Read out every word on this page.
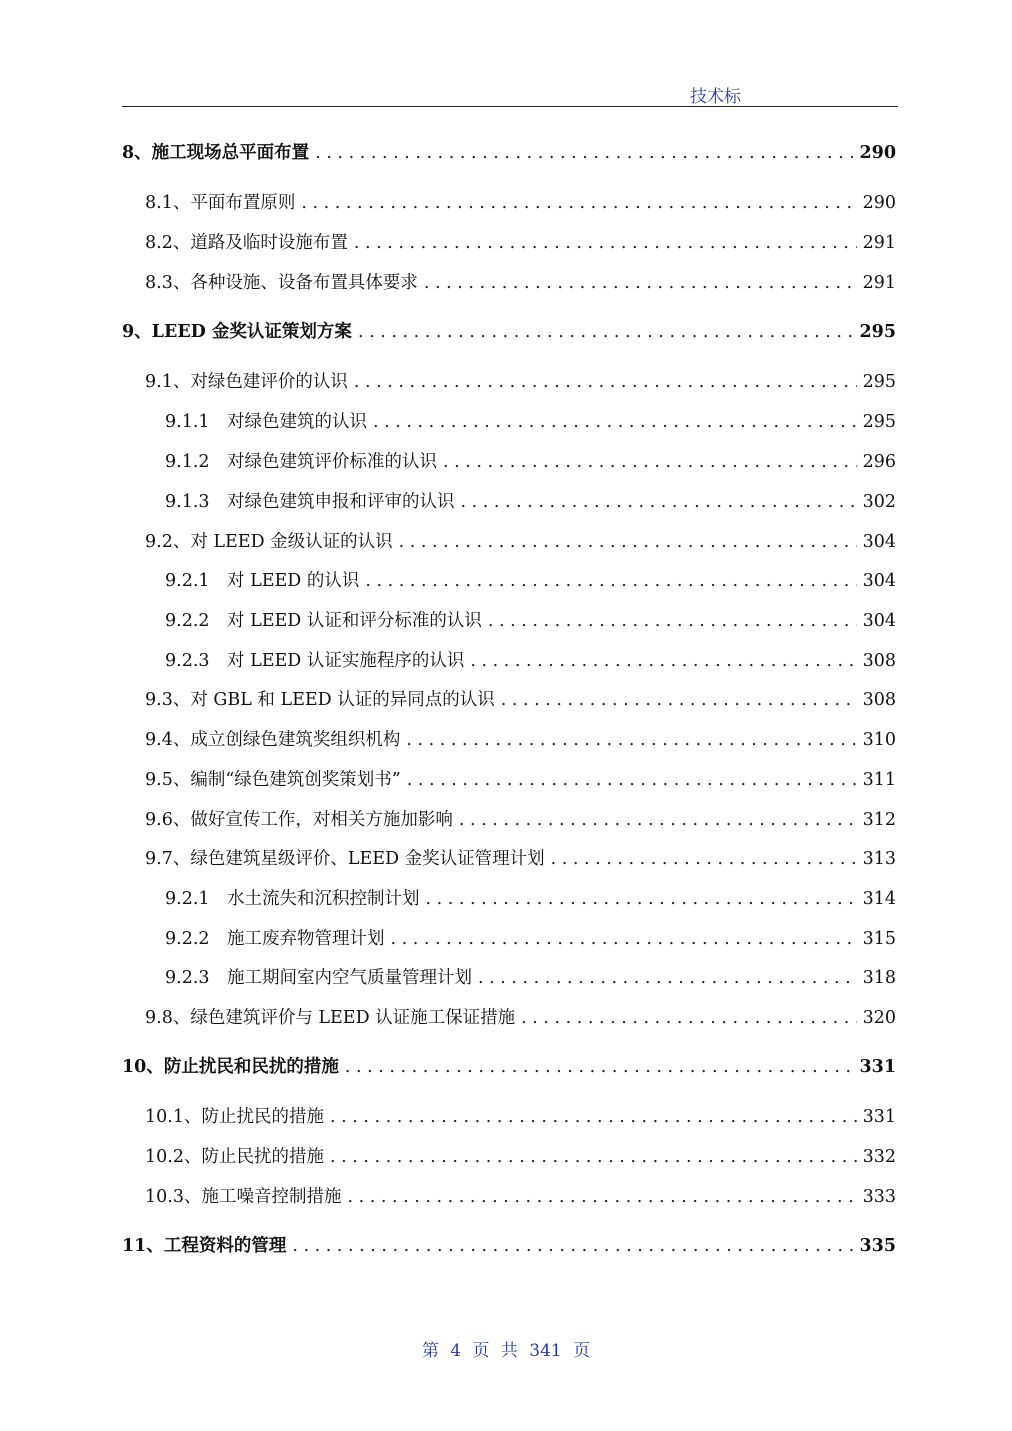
技术标
8、施工现场总平面布置 . . .	290
8.1、平面布置原则 . . .	290
8.2、道路及临时设施布置 . . .	291
8.3、各种设施、设备布置具体要求 . . .	291
9、LEED 金奖认证策划方案 . . .	295
9.1、对绿色建评价的认识 . . .	295
9.1.1　对绿色建筑的认识 . . .	295
9.1.2　对绿色建筑评价标准的认识 . . .	296
9.1.3　对绿色建筑申报和评审的认识 . . .	302
9.2、对 LEED 金级认证的认识 . . .	304
9.2.1　对 LEED 的认识 . . .	304
9.2.2　对 LEED 认证和评分标准的认识 . . .	304
9.2.3　对 LEED 认证实施程序的认识 . . .	308
9.3、对 GBL 和 LEED 认证的异同点的认识 . . .	308
9.4、成立创绿色建筑奖组织机构 . . .	310
9.5、编制“绿色建筑创奖策划书” . . .	311
9.6、做好宣传工作，对相关方施加影响 . . .	312
9.7、绿色建筑星级评价、LEED 金奖认证管理计划 . . .	313
9.2.1　水土流失和沉积控制计划 . . .	314
9.2.2　施工废弃物管理计划 . . .	315
9.2.3　施工期间室内空气质量管理计划 . . .	318
9.8、绿色建筑评价与 LEED 认证施工保证措施 . . .	320
10、防止扰民和民扰的措施 . . .	331
10.1、防止扰民的措施 . . .	331
10.2、防止民扰的措施 . . .	332
10.3、施工噪音控制措施 . . .	333
11、工程资料的管理 . . .	335
第 4 页 共 341 页
